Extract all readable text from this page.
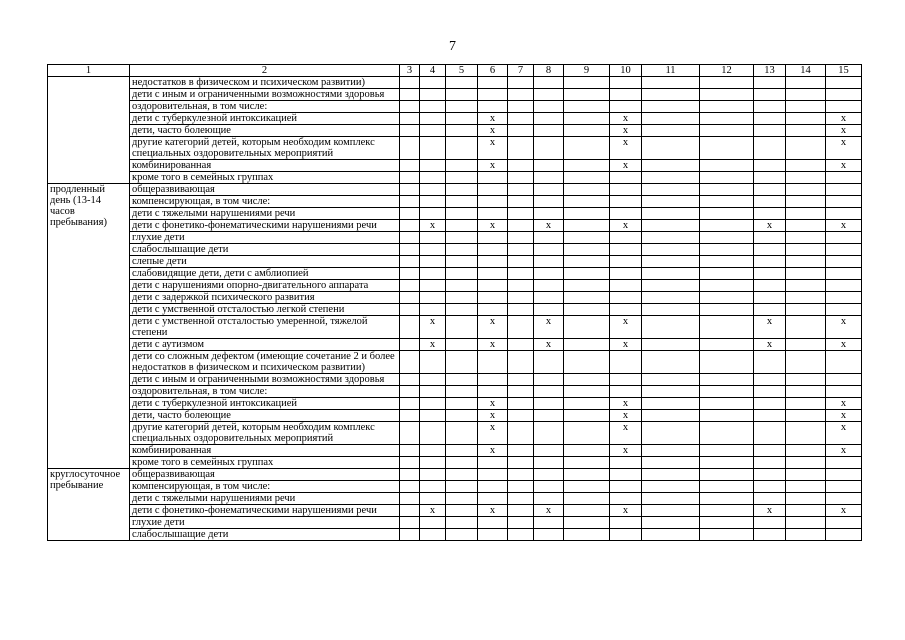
7
1	2	3	4	5	6	7	8	9	10	11	12	13	14	15
	недостатков в физическом и психическом развитии)													
	дети с иным и ограниченными возможностями здоровья													
	оздоровительная, в том числе:													
	дети с туберкулезной интоксикацией				x				x					x
	дети, часто болеющие				x				x					x
	другие категорий детей, которым необходим комплекс специальных оздоровительных мероприятий				x				x					x
	комбинированная				x				x					x
	кроме того в семейных группах													
продленный день (13-14 часов пребывания)	общеразвивающая													
	компенсирующая, в том числе:													
	дети с тяжелыми нарушениями речи													
	дети с фонетико-фонематическими нарушениями речи		x		x		x		x			x		x
	глухие дети													
	слабослышащие дети													
	слепые дети													
	слабовидящие дети, дети с амблиопией													
	дети с нарушениями опорно-двигательного аппарата													
	дети с задержкой психического развития													
	дети с умственной отсталостью легкой степени													
	дети с умственной отсталостью умеренной, тяжелой степени		x		x		x		x			x		x
	дети с аутизмом		x		x		x		x			x		x
	дети со сложным дефектом (имеющие сочетание 2 и более недостатков в физическом и психическом развитии)													
	дети с иным и ограниченными возможностями здоровья													
	оздоровительная, в том числе:													
	дети с туберкулезной интоксикацией				x				x					x
	дети, часто болеющие				x				x					x
	другие категорий детей, которым необходим комплекс специальных оздоровительных мероприятий				x				x					x
	комбинированная				x				x					x
	кроме того в семейных группах													
круглосуточное пребывание	общеразвивающая													
	компенсирующая, в том числе:													
	дети с тяжелыми нарушениями речи													
	дети с фонетико-фонематическими нарушениями речи		x		x		x		x			x		x
	глухие дети													
	слабослышащие дети													
